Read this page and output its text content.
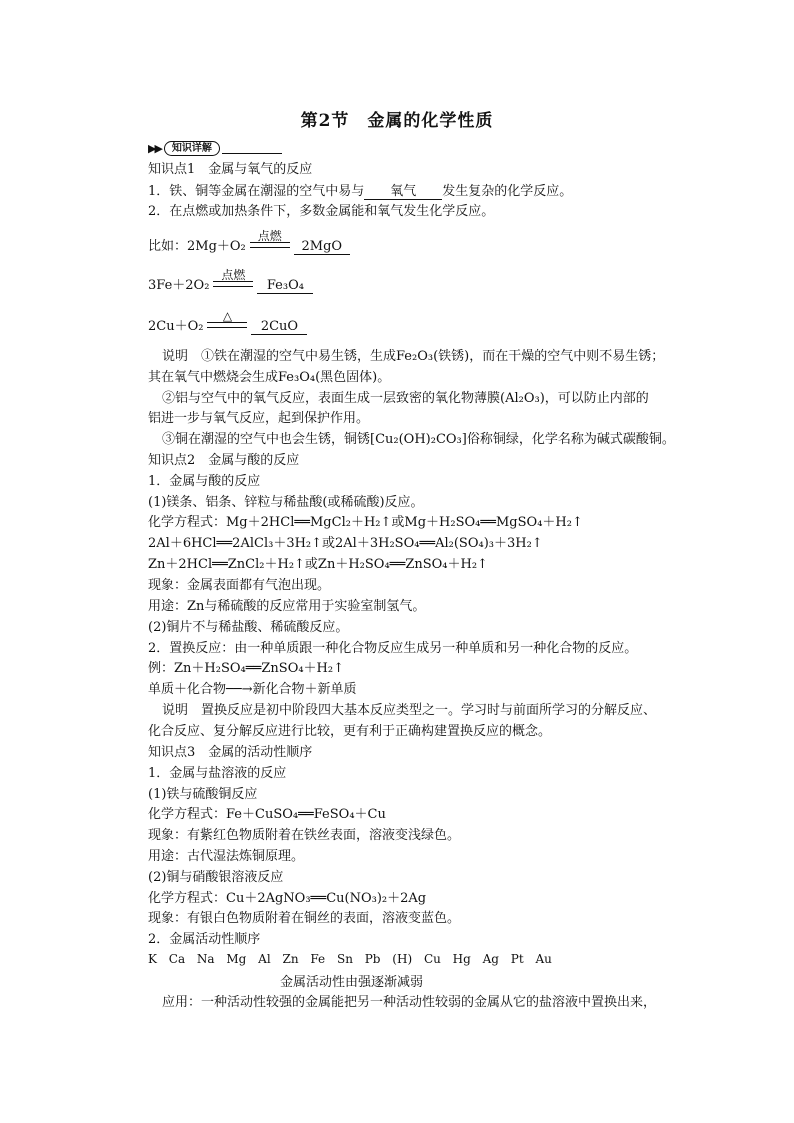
第2节　金属的化学性质
▶▶	知识详解
知识点1　金属与氧气的反应
1．铁、铜等金属在潮湿的空气中易与 氧气 发生复杂的化学反应。
2．在点燃或加热条件下，多数金属能和氧气发生化学反应。
比如：2Mg＋O₂
点燃
2MgO
3Fe＋2O₂
点燃
Fe₃O₄
2Cu＋O₂
△
2CuO
说明　①铁在潮湿的空气中易生锈，生成Fe₂O₃(铁锈)，而在干燥的空气中则不易生锈；
其在氧气中燃烧会生成Fe₃O₄(黑色固体)。
②铝与空气中的氧气反应，表面生成一层致密的氧化物薄膜(Al₂O₃)，可以防止内部的
铝进一步与氧气反应，起到保护作用。
③铜在潮湿的空气中也会生锈，铜锈[Cu₂(OH)₂CO₃]俗称铜绿，化学名称为碱式碳酸铜。
知识点2　金属与酸的反应
1．金属与酸的反应
(1)镁条、铝条、锌粒与稀盐酸(或稀硫酸)反应。
化学方程式：Mg＋2HCl══MgCl₂＋H₂↑或Mg＋H₂SO₄══MgSO₄＋H₂↑
2Al＋6HCl══2AlCl₃＋3H₂↑或2Al＋3H₂SO₄══Al₂(SO₄)₃＋3H₂↑
Zn＋2HCl══ZnCl₂＋H₂↑或Zn＋H₂SO₄══ZnSO₄＋H₂↑
现象：金属表面都有气泡出现。
用途：Zn与稀硫酸的反应常用于实验室制氢气。
(2)铜片不与稀盐酸、稀硫酸反应。
2．置换反应：由一种单质跟一种化合物反应生成另一种单质和另一种化合物的反应。
例：Zn＋H₂SO₄══ZnSO₄＋H₂↑
单质＋化合物──→新化合物＋新单质
说明　置换反应是初中阶段四大基本反应类型之一。学习时与前面所学习的分解反应、
化合反应、复分解反应进行比较，更有利于正确构建置换反应的概念。
知识点3　金属的活动性顺序
1．金属与盐溶液的反应
(1)铁与硫酸铜反应
化学方程式：Fe＋CuSO₄══FeSO₄＋Cu
现象：有紫红色物质附着在铁丝表面，溶液变浅绿色。
用途：古代湿法炼铜原理。
(2)铜与硝酸银溶液反应
化学方程式：Cu＋2AgNO₃══Cu(NO₃)₂＋2Ag
现象：有银白色物质附着在铜丝的表面，溶液变蓝色。
2．金属活动性顺序
K Ca Na Mg Al Zn Fe Sn Pb (H) Cu Hg Ag Pt Au
金属活动性由强逐渐减弱
应用：一种活动性较强的金属能把另一种活动性较弱的金属从它的盐溶液中置换出来，
